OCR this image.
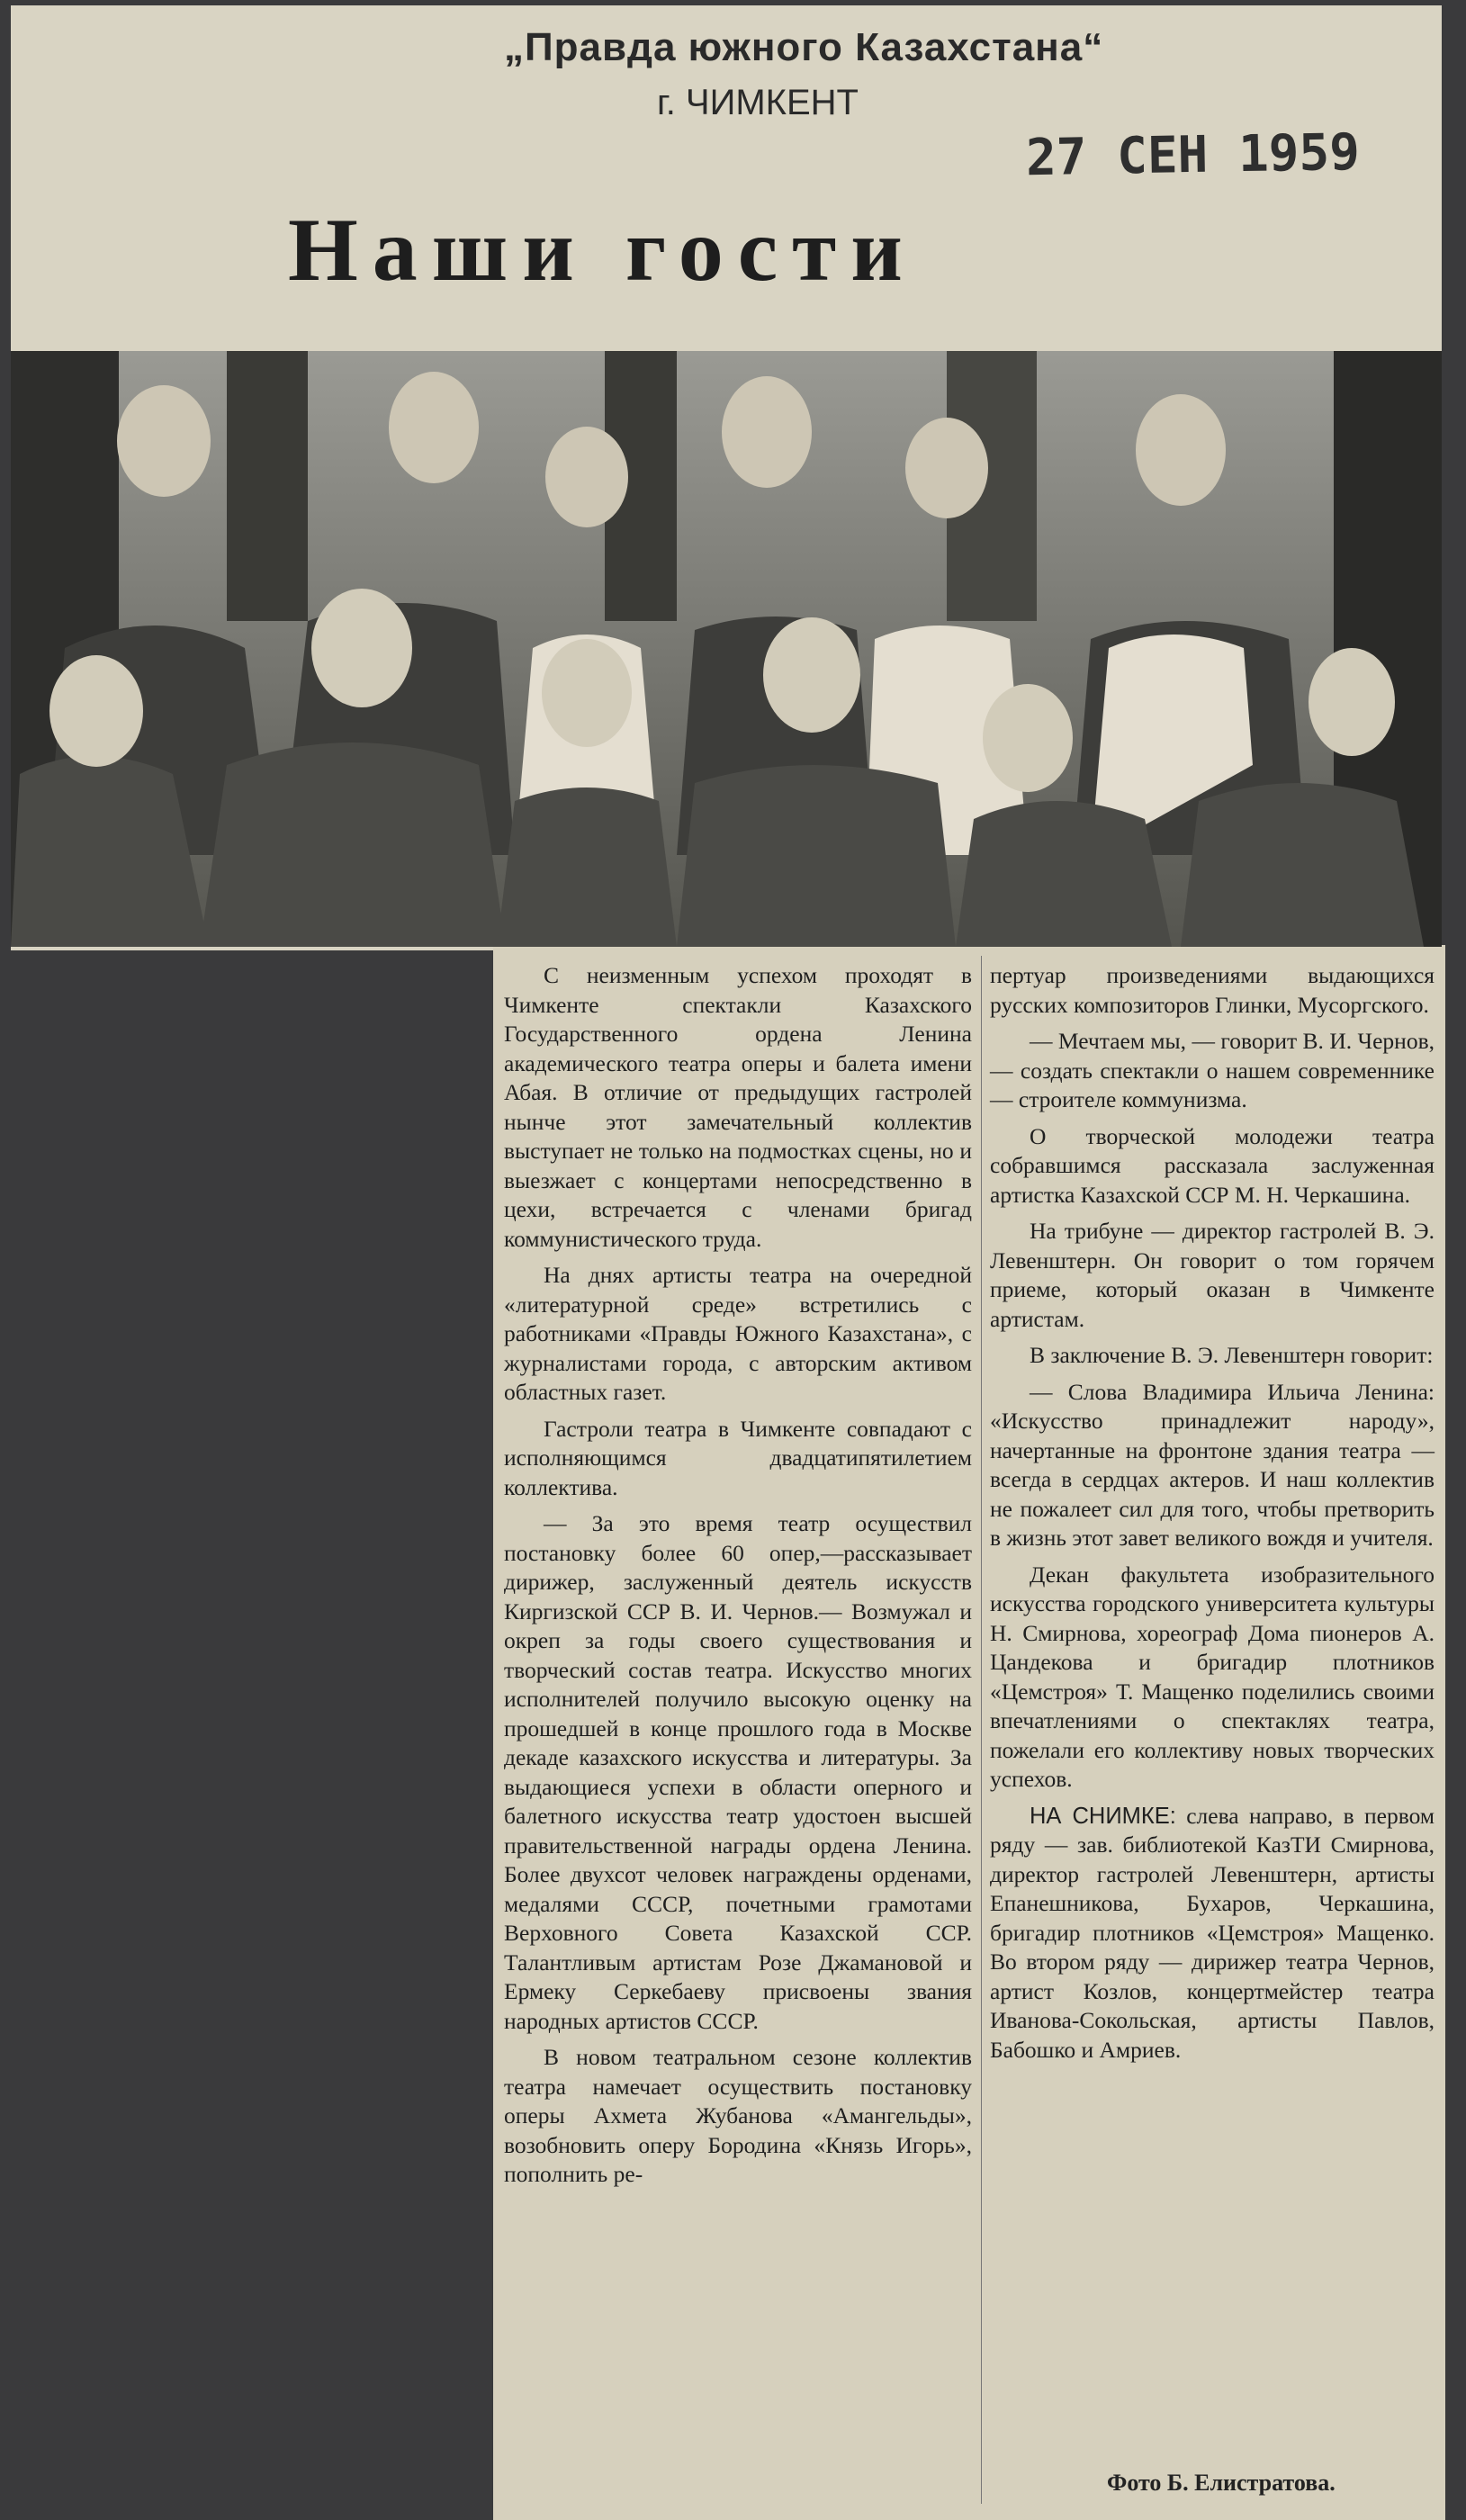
„Правда южного Казахстана“
г. ЧИМКЕНТ
27 СЕН 1959
Наши гости

С неизменным успехом проходят в Чимкенте спектакли Казахского Государственного ордена Ленина академического театра оперы и балета имени Абая. В отличие от предыдущих гастролей нынче этот замечательный коллектив выступает не только на подмостках сцены, но и выезжает с концертами непосредственно в цехи, встречается с членами бригад коммунистического труда.

На днях артисты театра на очередной «литературной среде» встретились с работниками «Правды Южного Казахстана», с журналистами города, с авторским активом областных газет.

Гастроли театра в Чимкенте совпадают с исполняющимся двадцатипятилетием коллектива.

— За это время театр осуществил постановку более 60 опер,—рассказывает дирижер, заслуженный деятель искусств Киргизской ССР В. И. Чернов.— Возмужал и окреп за годы своего существования и творческий состав театра. Искусство многих исполнителей получило высокую оценку на прошедшей в конце прошлого года в Москве декаде казахского искусства и литературы. За выдающиеся успехи в области оперного и балетного искусства театр удостоен высшей правительственной награды ордена Ленина. Более двухсот человек награждены орденами, медалями СССР, почетными грамотами Верховного Совета Казахской ССР. Талантливым артистам Розе Джамановой и Ермеку Серкебаеву присвоены звания народных артистов СССР.

В новом театральном сезоне коллектив театра намечает осуществить постановку оперы Ахмета Жубанова «Амангельды», возобновить оперу Бородина «Князь Игорь», пополнить ре-

пертуар произведениями выдающихся русских композиторов Глинки, Мусоргского.

— Мечтаем мы, — говорит В. И. Чернов, — создать спектакли о нашем современнике — строителе коммунизма.

О творческой молодежи театра собравшимся рассказала заслуженная артистка Казахской ССР М. Н. Черкашина.

На трибуне — директор гастролей В. Э. Левенштерн. Он говорит о том горячем приеме, который оказан в Чимкенте артистам.

В заключение В. Э. Левенштерн говорит:

— Слова Владимира Ильича Ленина: «Искусство принадлежит народу», начертанные на фронтоне здания театра — всегда в сердцах актеров. И наш коллектив не пожалеет сил для того, чтобы претворить в жизнь этот завет великого вождя и учителя.

Декан факультета изобразительного искусства городского университета культуры Н. Смирнова, хореограф Дома пионеров А. Цандекова и бригадир плотников «Цемстроя» Т. Мащенко поделились своими впечатлениями о спектаклях театра, пожелали его коллективу новых творческих успехов.

НА СНИМКЕ: слева направо, в первом ряду — зав. библиотекой КазТИ Смирнова, директор гастролей Левенштерн, артисты Епанешникова, Бухаров, Черкашина, бригадир плотников «Цемстроя» Мащенко. Во втором ряду — дирижер театра Чернов, артист Козлов, концертмейстер театра Иванова-Сокольская, артисты Павлов, Бабошко и Амриев.

Фото Б. Елистратова.
